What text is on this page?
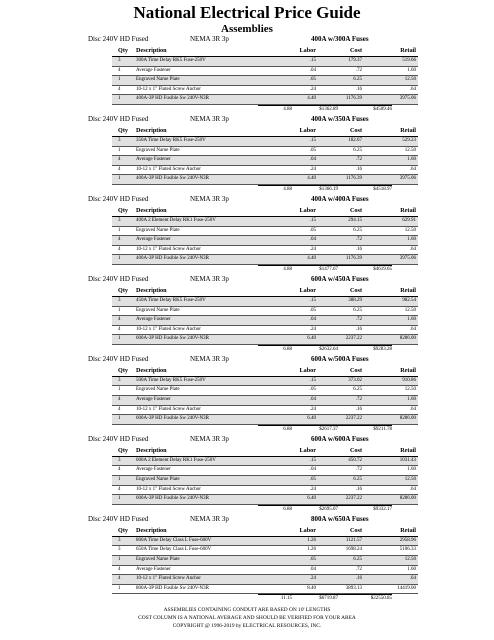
National Electrical Price Guide
Assemblies
Disc 240V HD Fused	NEMA 3R 3p	400A w/300A Fuses
Qty Description	Labor	Cost	Retail
3	300A Time Delay RK5 Fuse-250V	.15	179.37	519.66
4	Average Fastener	.04	.72	1.60
1	Engraved Name Plate	.05	6.25	12.50
4	10-12 x 1" Fluted Screw Anchor	.24	.16	.64
1	400A-3P HD Fusible Sw 240V-N3R	4.40	1176.39	3975.06
4.88	$1362.89	$4509.46
Disc 240V HD Fused	NEMA 3R 3p	400A w/350A Fuses
Qty Description	Labor	Cost	Retail
3	350A Time Delay RK5 Fuse-250V	.15	182.67	529.23
1	Engraved Name Plate	.05	6.25	12.50
4	Average Fastener	.04	.72	1.60
4	10-12 x 1" Fluted Screw Anchor	.24	.16	.64
1	400A-3P HD Fusible Sw 240V-N3R	4.40	1176.39	3975.06
4.88	$1366.19	$4518.97
Disc 240V HD Fused	NEMA 3R 3p	400A w/400A Fuses
Qty Description	Labor	Cost	Retail
3	400A 2 Element Delay RK1 Fuse-250V	.15	294.15	629.91
1	Engraved Name Plate	.05	6.25	12.50
4	Average Fastener	.04	.72	1.60
4	10-12 x 1" Fluted Screw Anchor	.24	.16	.64
1	400A-3P HD Fusible Sw 240V-N3R	4.40	1176.39	3975.06
4.88	$1477.67	$4619.65
Disc 240V HD Fused	NEMA 3R 3p	600A w/450A Fuses
Qty Description	Labor	Cost	Retail
3	450A Time Delay RK5 Fuse-250V	.15	388.29	982.54
1	Engraved Name Plate	.05	6.25	12.50
4	Average Fastener	.04	.72	1.60
4	10-12 x 1" Fluted Screw Anchor	.24	.16	.64
1	600A-3P HD Fusible Sw 240V-N3R	6.40	2237.22	8286.00
6.88	$2632.64	$9283.28
Disc 240V HD Fused	NEMA 3R 3p	600A w/500A Fuses
Qty Description	Labor	Cost	Retail
3	500A Time Delay RK5 Fuse-250V	.15	373.02	910.86
1	Engraved Name Plate	.05	6.25	12.50
4	Average Fastener	.04	.72	1.60
4	10-12 x 1" Fluted Screw Anchor	.24	.16	.64
1	600A-3P HD Fusible Sw 240V-N3R	6.40	2237.22	8286.00
6.88	$2617.37	$9211.78
Disc 240V HD Fused	NEMA 3R 3p	600A w/600A Fuses
Qty Description	Labor	Cost	Retail
3	600A 2 Element Delay RK1 Fuse-250V	.15	450.72	1031.43
4	Average Fastener	.04	.72	1.60
1	Engraved Name Plate	.05	6.25	12.50
4	10-12 x 1" Fluted Screw Anchor	.24	.16	.64
1	600A-3P HD Fusible Sw 240V-N3R	6.40	2237.22	8286.00
6.88	$2695.07	$9332.17
Disc 240V HD Fused	NEMA 3R 3p	800A w/650A Fuses
Qty Description	Labor	Cost	Retail
3	800A Time Delay Class L Fuse-600V	1.26	1121.57	2958.96
3	650A Time Delay Class L Fuse-600V	1.26	1698.24	5106.33
1	Engraved Name Plate	.05	6.25	12.50
4	Average Fastener	.04	.72	1.60
4	10-12 x 1" Fluted Screw Anchor	.24	.16	.64
1	800A-3P HD Fusible Sw 240V-N3R	8.40	3893.13	14419.00
11.15	$6719.87	$22550.85
ASSEMBLIES CONTAINING CONDUIT ARE BASED ON 10' LENGTHS
COST COLUMN IS A NATIONAL AVERAGE AND SHOULD BE VERIFIED FOR YOUR AREA
COPYRIGHT @ 1996-2019 by ELECTRICAL RESOURCES, INC.
